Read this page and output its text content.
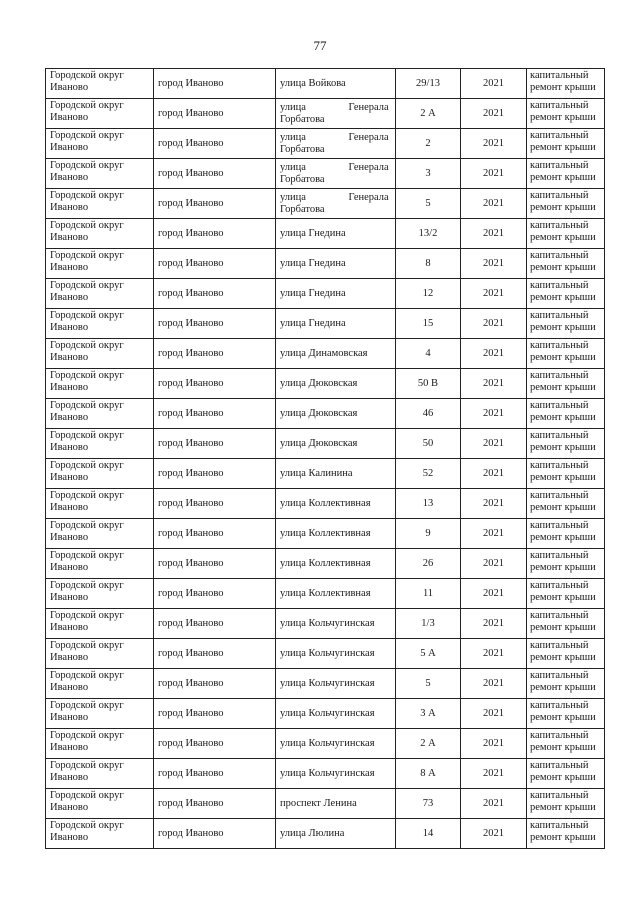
77
Городской округ Иваново	город Иваново	улица Войкова	29/13	2021	капитальный ремонт крыши
Городской округ Иваново	город Иваново	улица Генерала Горбатова	2 А	2021	капитальный ремонт крыши
Городской округ Иваново	город Иваново	улица Генерала Горбатова	2	2021	капитальный ремонт крыши
Городской округ Иваново	город Иваново	улица Генерала Горбатова	3	2021	капитальный ремонт крыши
Городской округ Иваново	город Иваново	улица Генерала Горбатова	5	2021	капитальный ремонт крыши
Городской округ Иваново	город Иваново	улица Гнедина	13/2	2021	капитальный ремонт крыши
Городской округ Иваново	город Иваново	улица Гнедина	8	2021	капитальный ремонт крыши
Городской округ Иваново	город Иваново	улица Гнедина	12	2021	капитальный ремонт крыши
Городской округ Иваново	город Иваново	улица Гнедина	15	2021	капитальный ремонт крыши
Городской округ Иваново	город Иваново	улица Динамовская	4	2021	капитальный ремонт крыши
Городской округ Иваново	город Иваново	улица Дюковская	50 В	2021	капитальный ремонт крыши
Городской округ Иваново	город Иваново	улица Дюковская	46	2021	капитальный ремонт крыши
Городской округ Иваново	город Иваново	улица Дюковская	50	2021	капитальный ремонт крыши
Городской округ Иваново	город Иваново	улица Калинина	52	2021	капитальный ремонт крыши
Городской округ Иваново	город Иваново	улица Коллективная	13	2021	капитальный ремонт крыши
Городской округ Иваново	город Иваново	улица Коллективная	9	2021	капитальный ремонт крыши
Городской округ Иваново	город Иваново	улица Коллективная	26	2021	капитальный ремонт крыши
Городской округ Иваново	город Иваново	улица Коллективная	11	2021	капитальный ремонт крыши
Городской округ Иваново	город Иваново	улица Кольчугинская	1/3	2021	капитальный ремонт крыши
Городской округ Иваново	город Иваново	улица Кольчугинская	5 А	2021	капитальный ремонт крыши
Городской округ Иваново	город Иваново	улица Кольчугинская	5	2021	капитальный ремонт крыши
Городской округ Иваново	город Иваново	улица Кольчугинская	3 А	2021	капитальный ремонт крыши
Городской округ Иваново	город Иваново	улица Кольчугинская	2 А	2021	капитальный ремонт крыши
Городской округ Иваново	город Иваново	улица Кольчугинская	8 А	2021	капитальный ремонт крыши
Городской округ Иваново	город Иваново	проспект Ленина	73	2021	капитальный ремонт крыши
Городской округ Иваново	город Иваново	улица Люлина	14	2021	капитальный ремонт крыши
